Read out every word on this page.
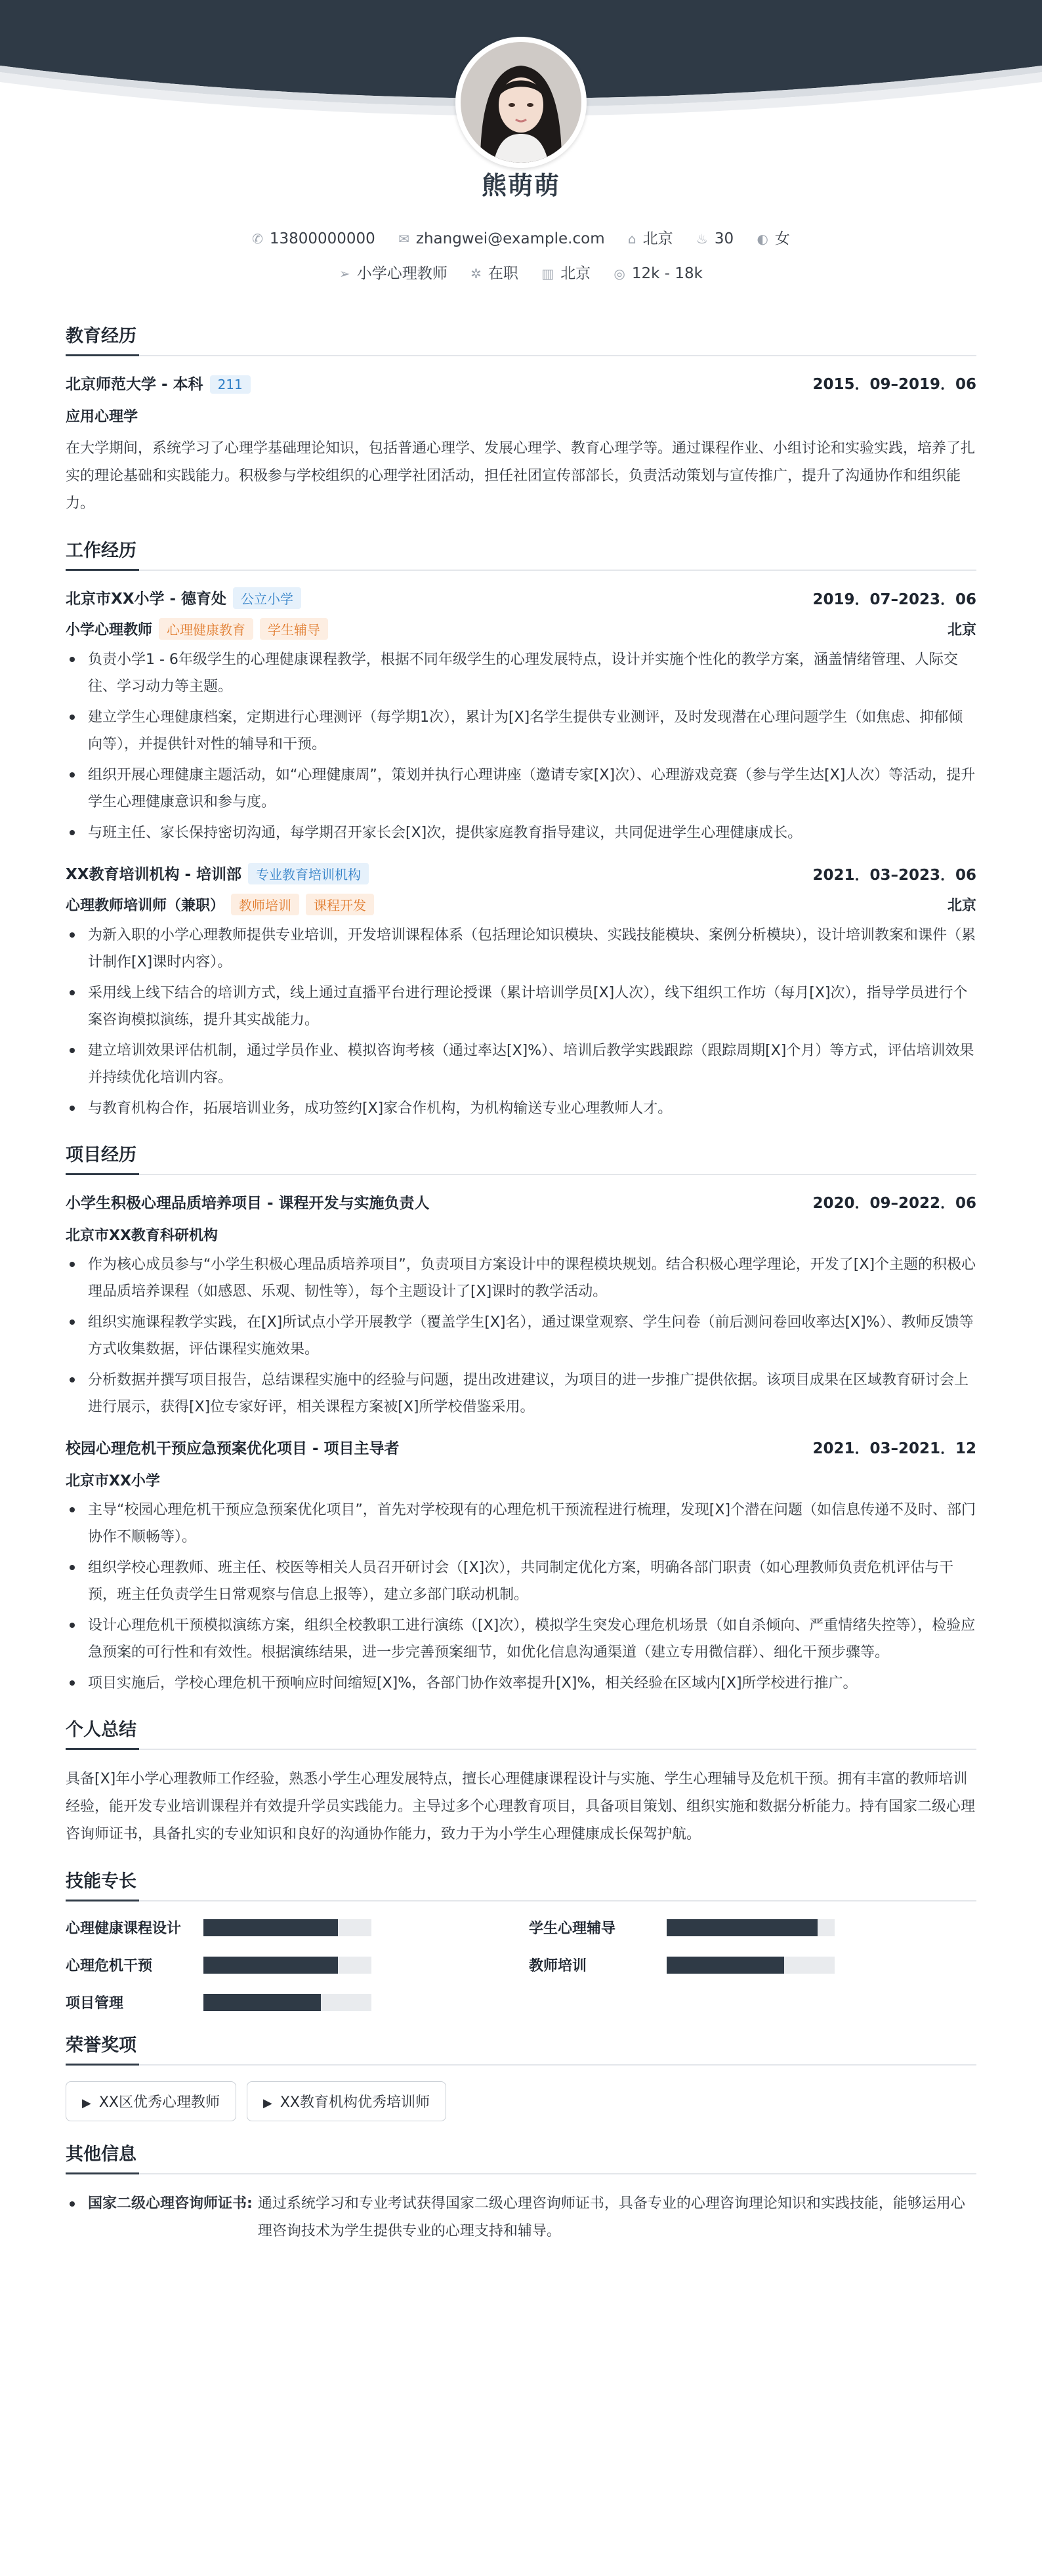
熊萌萌
✆ 13800000000 ✉ zhangwei@example.com ⌂ 北京 ♨ 30 ◐ 女
➢ 小学心理教师 ✲ 在职 ▥ 北京 ◎ 12k - 18k
教育经历
北京师范大学 - 本科 211	2015．09–2019．06
应用心理学
在大学期间，系统学习了心理学基础理论知识，包括普通心理学、发展心理学、教育心理学等。通过课程作业、小组讨论和实验实践，培养了扎实的理论基础和实践能力。积极参与学校组织的心理学社团活动，担任社团宣传部部长，负责活动策划与宣传推广，提升了沟通协作和组织能力。
工作经历
北京市XX小学 - 德育处 公立小学	2019．07–2023．06
小学心理教师 心理健康教育 学生辅导	北京
负责小学1 - 6年级学生的心理健康课程教学，根据不同年级学生的心理发展特点，设计并实施个性化的教学方案，涵盖情绪管理、人际交往、学习动力等主题。
建立学生心理健康档案，定期进行心理测评（每学期1次），累计为[X]名学生提供专业测评，及时发现潜在心理问题学生（如焦虑、抑郁倾向等），并提供针对性的辅导和干预。
组织开展心理健康主题活动，如“心理健康周”，策划并执行心理讲座（邀请专家[X]次）、心理游戏竞赛（参与学生达[X]人次）等活动，提升学生心理健康意识和参与度。
与班主任、家长保持密切沟通，每学期召开家长会[X]次，提供家庭教育指导建议，共同促进学生心理健康成长。
XX教育培训机构 - 培训部 专业教育培训机构	2021．03–2023．06
心理教师培训师（兼职） 教师培训 课程开发	北京
为新入职的小学心理教师提供专业培训，开发培训课程体系（包括理论知识模块、实践技能模块、案例分析模块），设计培训教案和课件（累计制作[X]课时内容）。
采用线上线下结合的培训方式，线上通过直播平台进行理论授课（累计培训学员[X]人次），线下组织工作坊（每月[X]次），指导学员进行个案咨询模拟演练，提升其实战能力。
建立培训效果评估机制，通过学员作业、模拟咨询考核（通过率达[X]%）、培训后教学实践跟踪（跟踪周期[X]个月）等方式，评估培训效果并持续优化培训内容。
与教育机构合作，拓展培训业务，成功签约[X]家合作机构，为机构输送专业心理教师人才。
项目经历
小学生积极心理品质培养项目 - 课程开发与实施负责人	2020．09–2022．06
北京市XX教育科研机构
作为核心成员参与“小学生积极心理品质培养项目”，负责项目方案设计中的课程模块规划。结合积极心理学理论，开发了[X]个主题的积极心理品质培养课程（如感恩、乐观、韧性等），每个主题设计了[X]课时的教学活动。
组织实施课程教学实践，在[X]所试点小学开展教学（覆盖学生[X]名），通过课堂观察、学生问卷（前后测问卷回收率达[X]%）、教师反馈等方式收集数据，评估课程实施效果。
分析数据并撰写项目报告，总结课程实施中的经验与问题，提出改进建议，为项目的进一步推广提供依据。该项目成果在区域教育研讨会上进行展示，获得[X]位专家好评，相关课程方案被[X]所学校借鉴采用。
校园心理危机干预应急预案优化项目 - 项目主导者	2021．03–2021．12
北京市XX小学
主导“校园心理危机干预应急预案优化项目”，首先对学校现有的心理危机干预流程进行梳理，发现[X]个潜在问题（如信息传递不及时、部门协作不顺畅等）。
组织学校心理教师、班主任、校医等相关人员召开研讨会（[X]次），共同制定优化方案，明确各部门职责（如心理教师负责危机评估与干预，班主任负责学生日常观察与信息上报等），建立多部门联动机制。
设计心理危机干预模拟演练方案，组织全校教职工进行演练（[X]次），模拟学生突发心理危机场景（如自杀倾向、严重情绪失控等），检验应急预案的可行性和有效性。根据演练结果，进一步完善预案细节，如优化信息沟通渠道（建立专用微信群）、细化干预步骤等。
项目实施后，学校心理危机干预响应时间缩短[X]%，各部门协作效率提升[X]%，相关经验在区域内[X]所学校进行推广。
个人总结
具备[X]年小学心理教师工作经验，熟悉小学生心理发展特点，擅长心理健康课程设计与实施、学生心理辅导及危机干预。拥有丰富的教师培训经验，能开发专业培训课程并有效提升学员实践能力。主导过多个心理教育项目，具备项目策划、组织实施和数据分析能力。持有国家二级心理咨询师证书，具备扎实的专业知识和良好的沟通协作能力，致力于为小学生心理健康成长保驾护航。
技能专长
心理健康课程设计	学生心理辅导
心理危机干预	教师培训
项目管理
荣誉奖项
▶ XX区优秀心理教师	▶ XX教育机构优秀培训师
其他信息
国家二级心理咨询师证书: 通过系统学习和专业考试获得国家二级心理咨询师证书，具备专业的心理咨询理论知识和实践技能，能够运用心理咨询技术为学生提供专业的心理支持和辅导。
